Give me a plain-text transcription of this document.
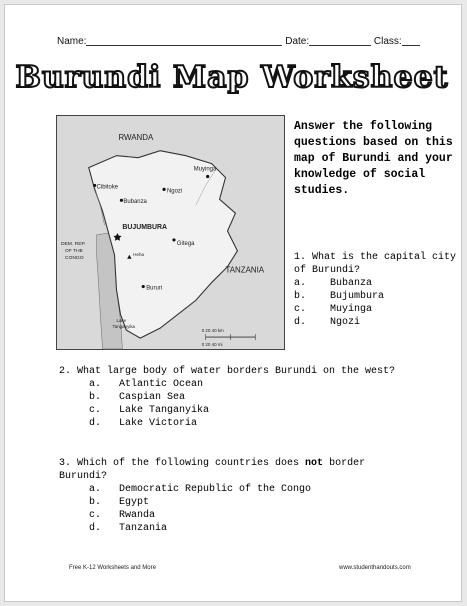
Name:	Date:	Class:
Burundi Map Worksheet
RWANDA
Muyinga
Cibitoke
Ngozi
Bubanza
BUJUMBURA
Gitega
Heha
DEM. REP.
OF THE
CONGO
TANZANIA
Bururi
Lake
Tanganyika
0 20 40 km
0 20 40 mi
Answer the following questions based on this map of Burundi and your knowledge of social studies.
1. What is the capital city of Burundi?
a.    Bubanza
b.    Bujumbura
c.    Muyinga
d.    Ngozi
2. What large body of water borders Burundi on the west?
a.   Atlantic Ocean
b.   Caspian Sea
c.   Lake Tanganyika
d.   Lake Victoria
3. Which of the following countries does not border Burundi?
a.   Democratic Republic of the Congo
b.   Egypt
c.   Rwanda
d.   Tanzania
Free K-12 Worksheets and More	www.studenthandouts.com
